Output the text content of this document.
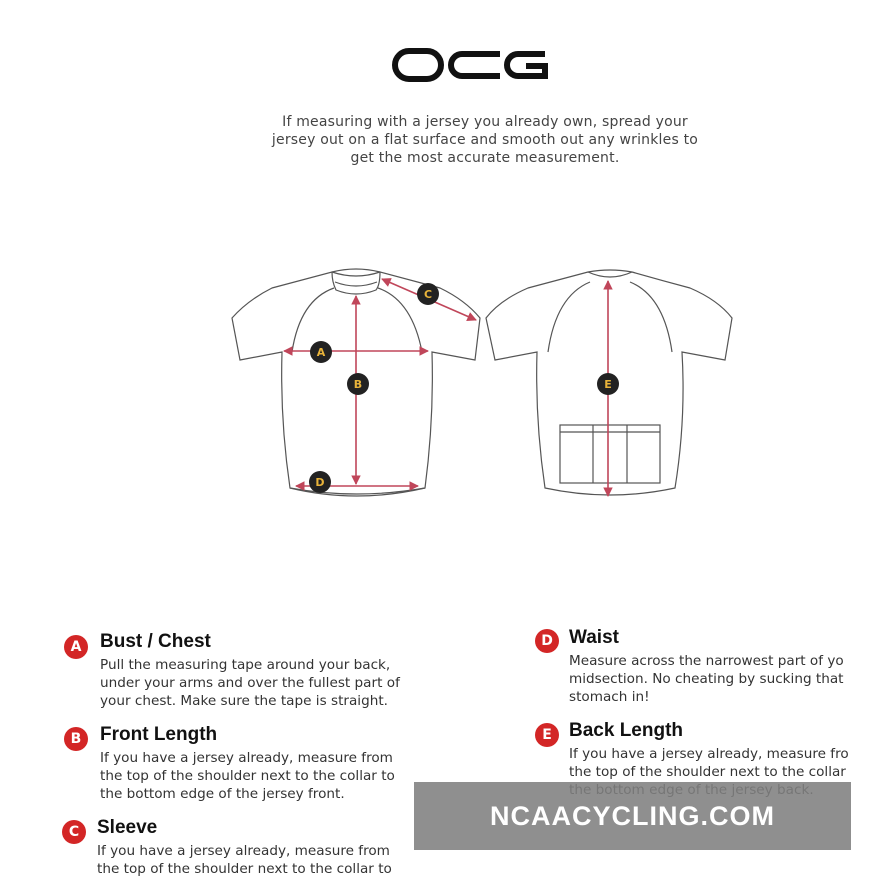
If measuring with a jersey you already own, spread your
jersey out on a flat surface and smooth out any wrinkles to
get the most accurate measurement.
A
B
C
D
E
A Bust / Chest
Pull the measuring tape around your back,
under your arms and over the fullest part of
your chest. Make sure the tape is straight.
B Front Length
If you have a jersey already, measure from
the top of the shoulder next to the collar to
the bottom edge of the jersey front.
C Sleeve
If you have a jersey already, measure from
the top of the shoulder next to the collar to
D Waist
Measure across the narrowest part of yo
midsection. No cheating by sucking that
stomach in!
E Back Length
If you have a jersey already, measure fro
the top of the shoulder next to the collar
NCAACYCLING.COM
